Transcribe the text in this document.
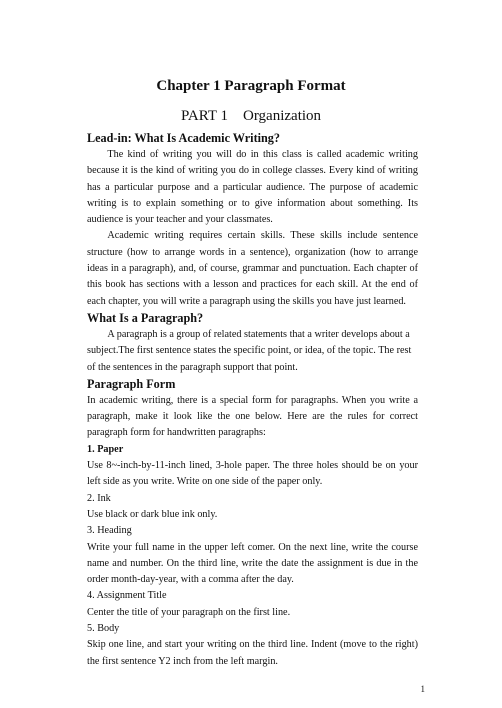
Chapter 1 Paragraph Format
PART 1    Organization

Lead-in: What Is Academic Writing?

The kind of writing you will do in this class is called academic writing because it is the kind of writing you do in college classes. Every kind of writing has a particular purpose and a particular audience. The purpose of academic writing is to explain something or to give information about something. Its audience is your teacher and your classmates.

Academic writing requires certain skills. These skills include sentence structure (how to arrange words in a sentence), organization (how to arrange ideas in a paragraph), and, of course, grammar and punctuation. Each chapter of this book has sections with a lesson and practices for each skill. At the end of each chapter, you will write a paragraph using the skills you have just learned.

What Is a Paragraph?

A paragraph is a group of related statements that a writer develops about a subject.The first sentence states the specific point, or idea, of the topic. The rest of the sentences in the paragraph support that point.

Paragraph Form

In academic writing, there is a special form for paragraphs. When you write a paragraph, make it look like the one below. Here are the rules for correct paragraph form for handwritten paragraphs:

1. Paper

Use 8~-inch-by-11-inch lined, 3-hole paper. The three holes should be on your left side as you write. Write on one side of the paper only.

2. Ink

Use black or dark blue ink only.

3. Heading

Write your full name in the upper left comer. On the next line, write the course name and number. On the third line, write the date the assignment is due in the order month-day-year, with a comma after the day.

4. Assignment Title

Center the title of your paragraph on the first line.

5. Body

Skip one line, and start your writing on the third line. Indent (move to the right) the first sentence Y2 inch from the left margin.

1
